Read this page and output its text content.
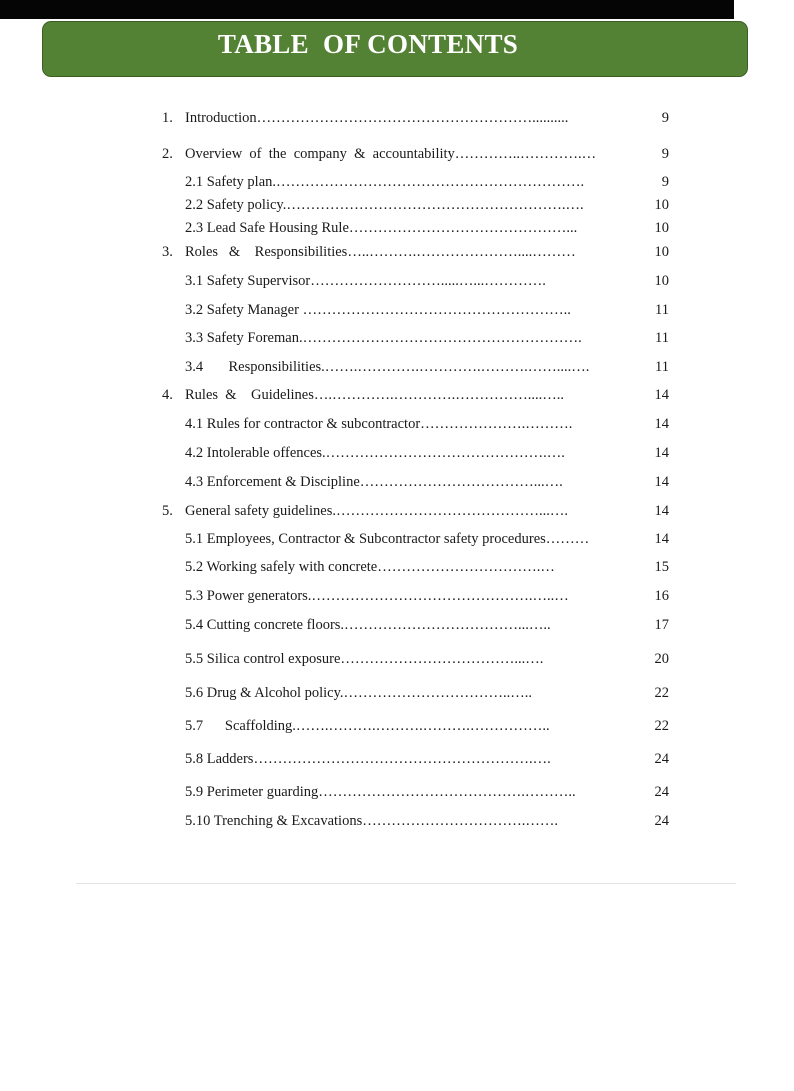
TABLE  OF CONTENTS
1. Introduction…………………………………………………..........	9
2. Overview  of  the  company  &  accountability…………..………….…	9
2.1 Safety plan.……………………………………………………….	9
2.2 Safety policy.………………………………………………….….	10
2.3 Lead Safe Housing Rule………………………………………...	10
3. Roles   &    Responsibilities…..……….…………………....………	10
3.1 Safety Supervisor……………………….....…...………….	10
3.2 Safety Manager ………………………………………………..	11
3.3 Safety Foreman.………………………………………………….	11
3.4       Responsibilities.…….………….………….……….……....….	11
4. Rules  &    Guidelines….………….………….……………....…..	14
4.1 Rules for contractor & subcontractor………………….……….	14
4.2 Intolerable offences.……………………………………….….	14
4.3 Enforcement & Discipline………………………………...….	14
5. General safety guidelines.……………………………………...….	14
5.1 Employees, Contractor & Subcontractor safety procedures………	14
5.2 Working safely with concrete…………………………….…	15
5.3 Power generators.……………………………………….…..…	16
5.4 Cutting concrete floors.………………………………...…..	17
5.5 Silica control exposure………………………………...….	20
5.6 Drug & Alcohol policy.……………………………..…..	22
5.7      Scaffolding.…….……….……….……….……………..	22
5.8 Ladders………………………………………………….….	24
5.9 Perimeter guarding…………………………………….………..	24
5.10 Trenching & Excavations…………………………….…….	24
